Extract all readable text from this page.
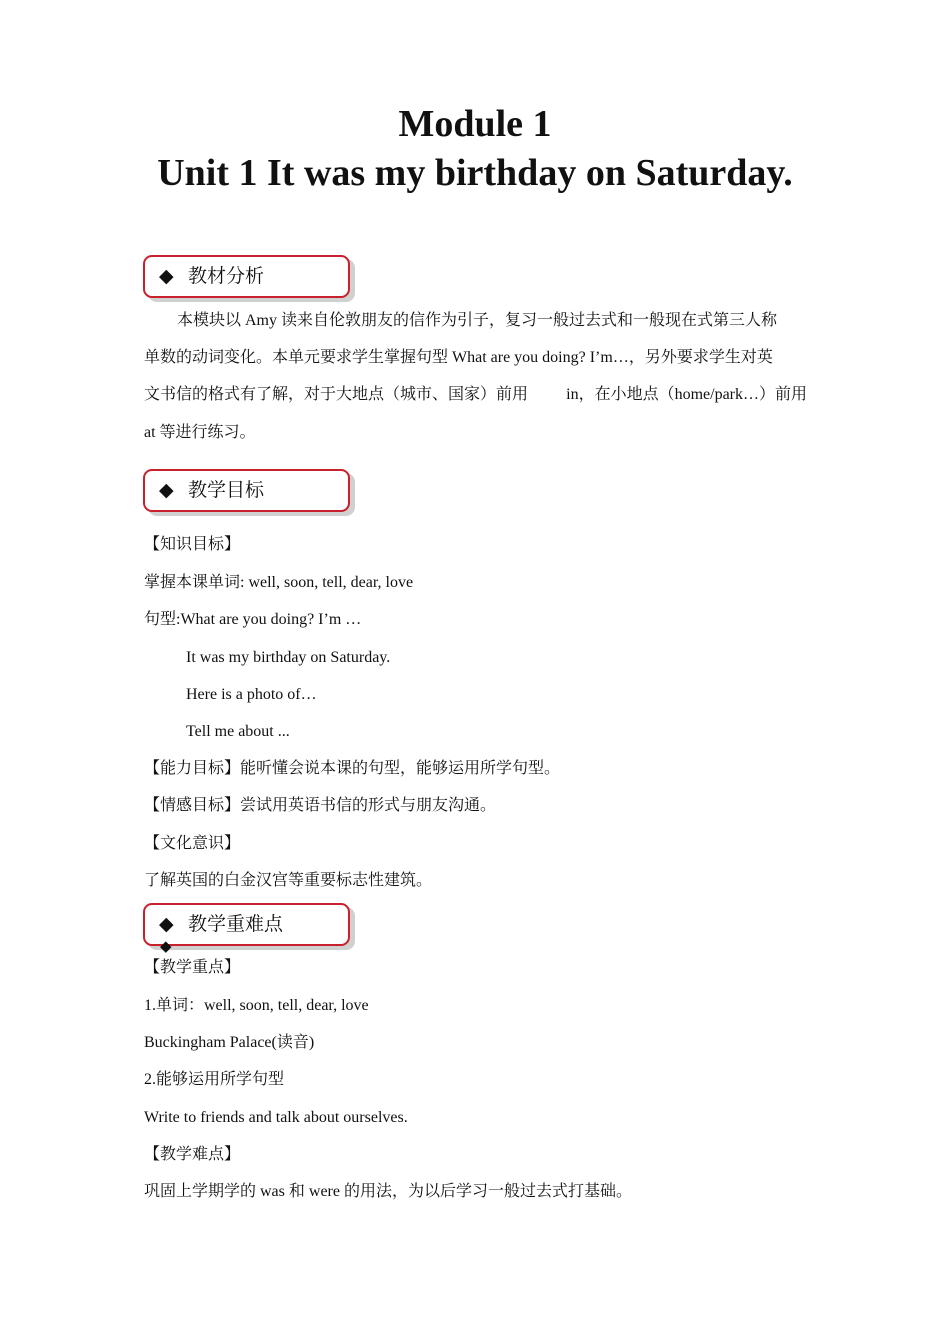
Module 1
Unit 1 It was my birthday on Saturday.
◆ 教材分析

本模块以 Amy 读来自伦敦朋友的信作为引子，复习一般过去式和一般现在式第三人称

单数的动词变化。本单元要求学生掌握句型 What are you doing? I’m…，另外要求学生对英

文书信的格式有了解，对于大地点（城市、国家）前用 in，在小地点（home/park…）前用

at 等进行练习。

◆ 教学目标

【知识目标】

掌握本课单词: well, soon, tell, dear, love

句型:What are you doing? I’m …

It was my birthday on Saturday.

Here is a photo of…

Tell me about ...

【能力目标】能听懂会说本课的句型，能够运用所学句型。

【情感目标】尝试用英语书信的形式与朋友沟通。

【文化意识】

了解英国的白金汉宫等重要标志性建筑。

◆ 教学重难点
◆

【教学重点】

1.单词：well, soon, tell, dear, love

Buckingham Palace(读音)

2.能够运用所学句型

Write to friends and talk about ourselves.

【教学难点】

巩固上学期学的 was 和 were 的用法，为以后学习一般过去式打基础。
